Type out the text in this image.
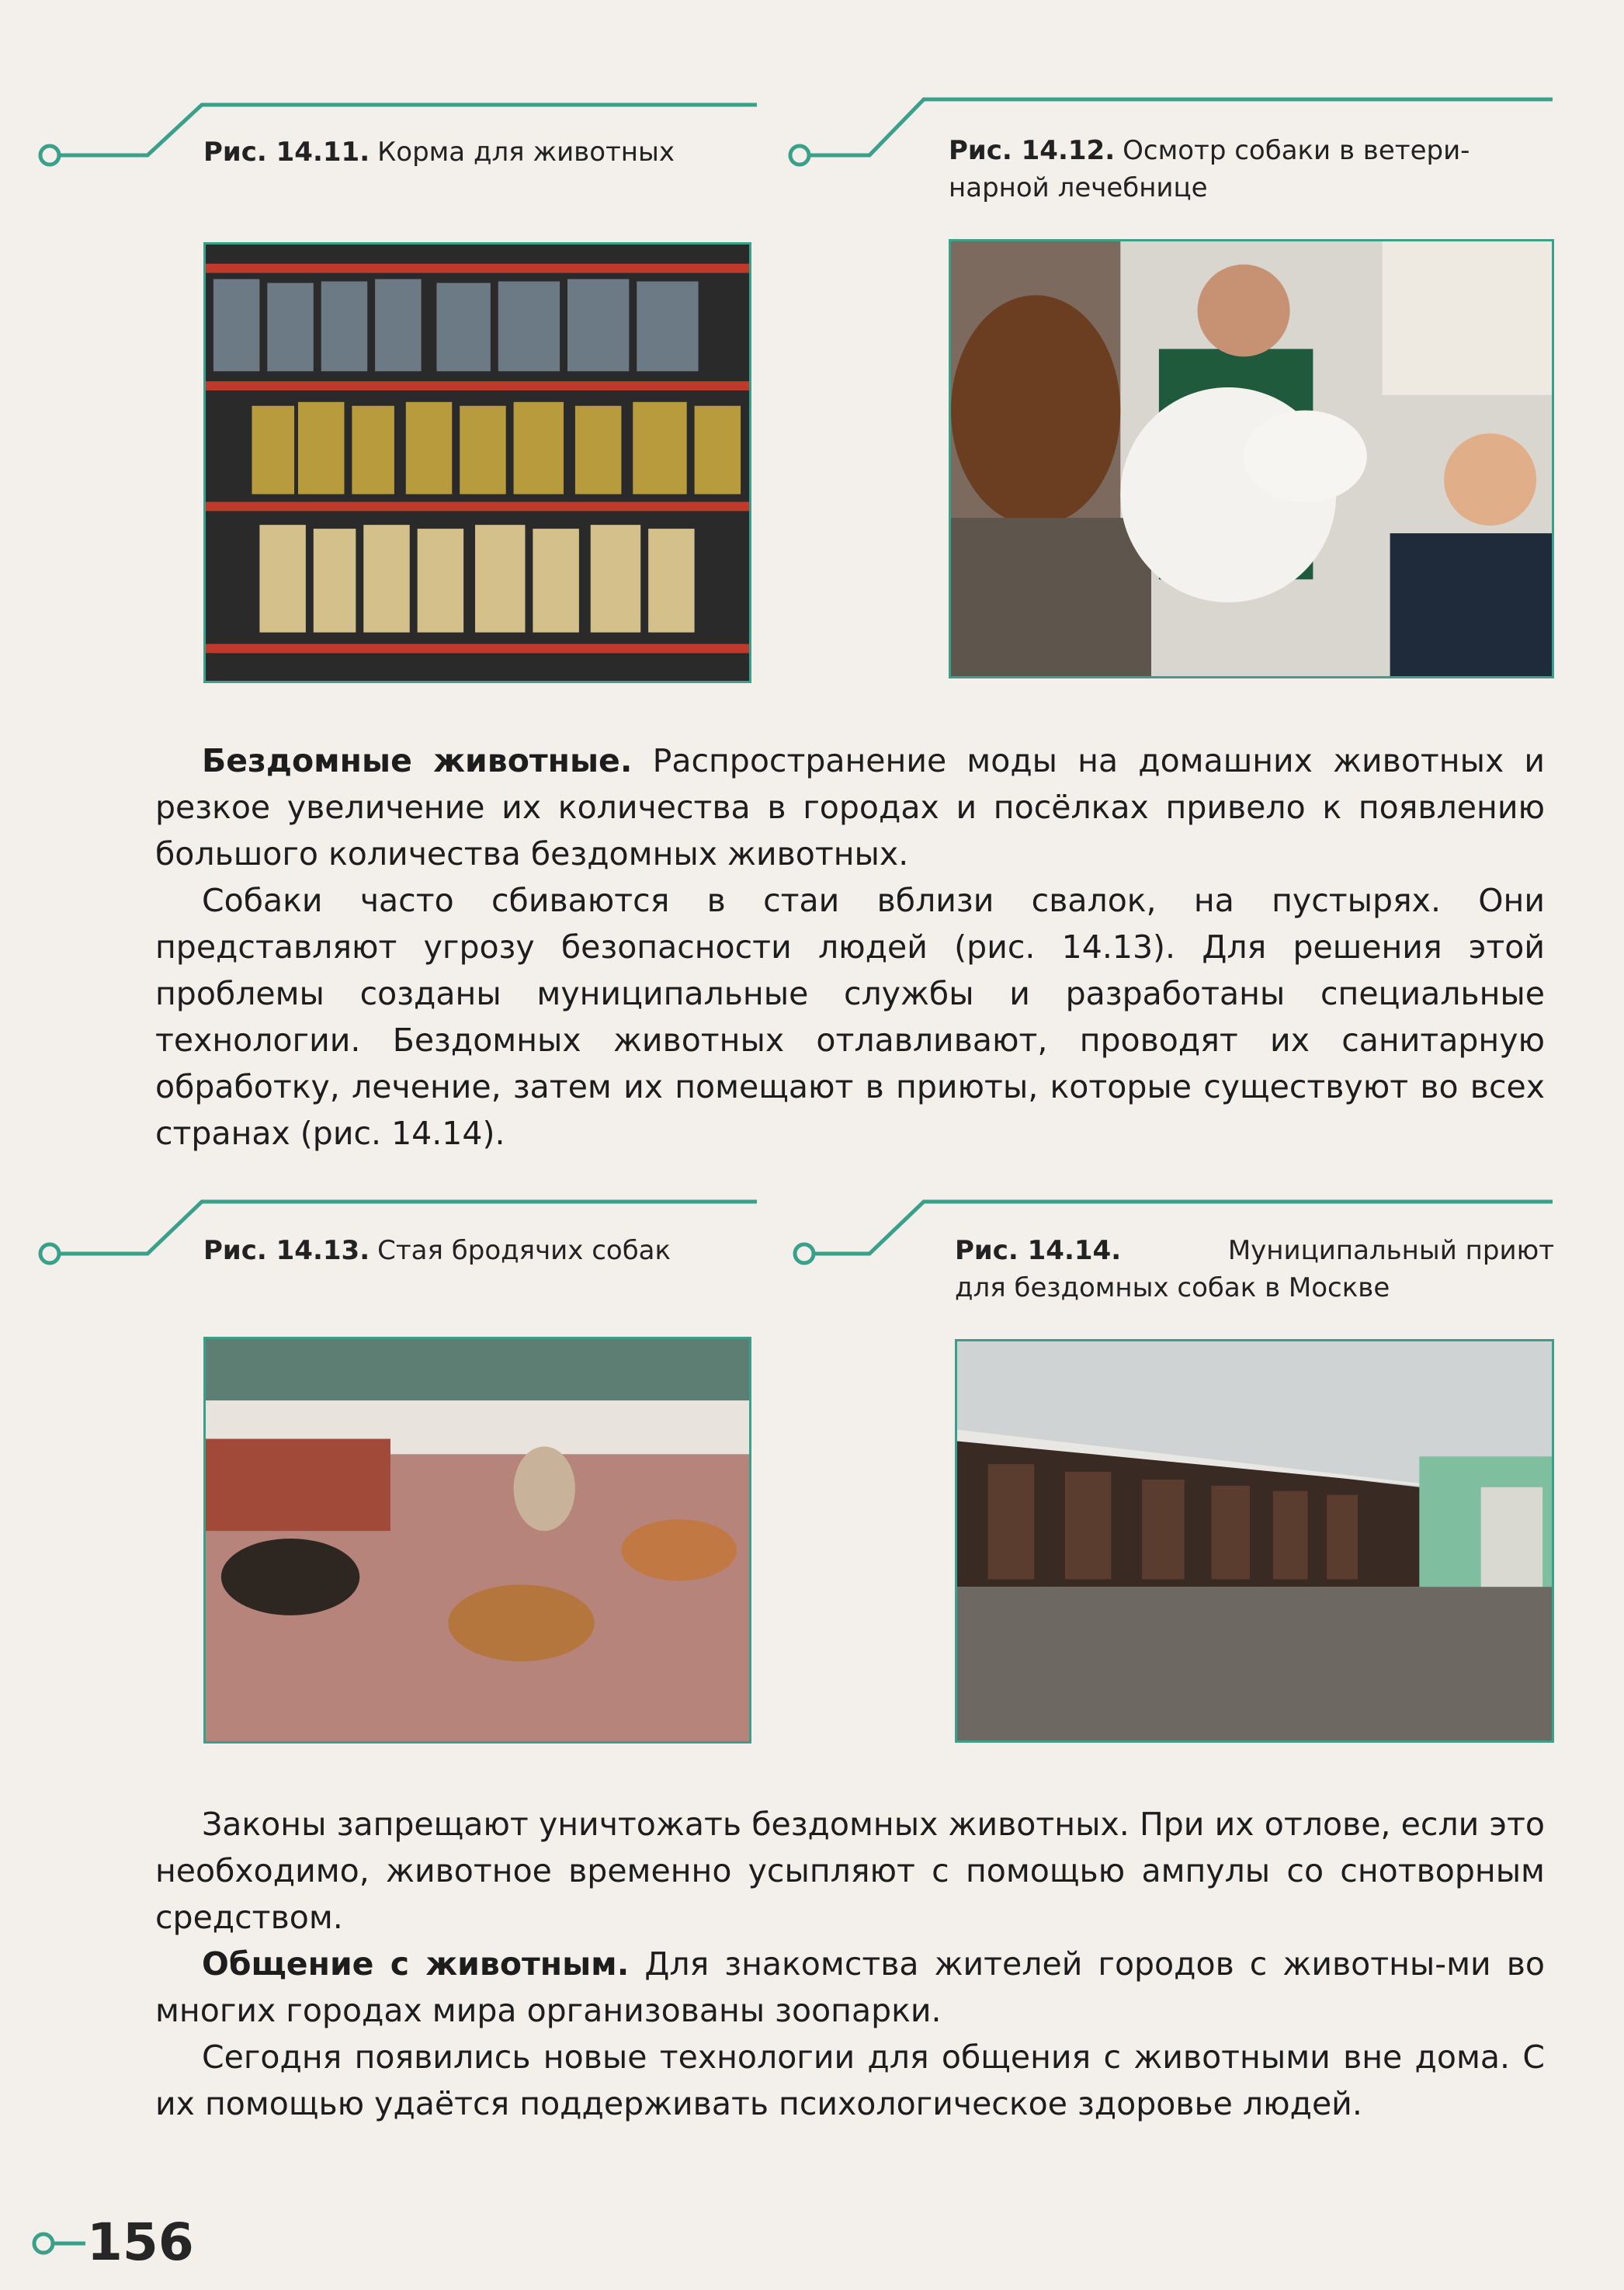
Рис. 14.11. Корма для животных	Рис. 14.12. Осмотр собаки в ветери-
нарной лечебнице
Бездомные животные. Распространение моды на домашних животных и резкое увеличение их количества в городах и посёлках привело к появлению большого количества бездомных животных.
Собаки часто сбиваются в стаи вблизи свалок, на пустырях. Они представляют угрозу безопасности людей (рис. 14.13). Для решения этой проблемы созданы муниципальные службы и разработаны специальные технологии. Бездомных животных отлавливают, проводят их санитарную обработку, лечение, затем их помещают в приюты, которые существуют во всех странах (рис. 14.14).
Рис. 14.13. Стая бродячих собак	Рис. 14.14.	Муниципальный приют
для бездомных собак в Москве
Законы запрещают уничтожать бездомных животных. При их отлове, если это необходимо, животное временно усыпляют с помощью ампулы со снотворным средством.
Общение с животным. Для знакомства жителей городов с животны-ми во многих городах мира организованы зоопарки.
Сегодня появились новые технологии для общения с животными вне дома. С их помощью удаётся поддерживать психологическое здоровье людей.
156
